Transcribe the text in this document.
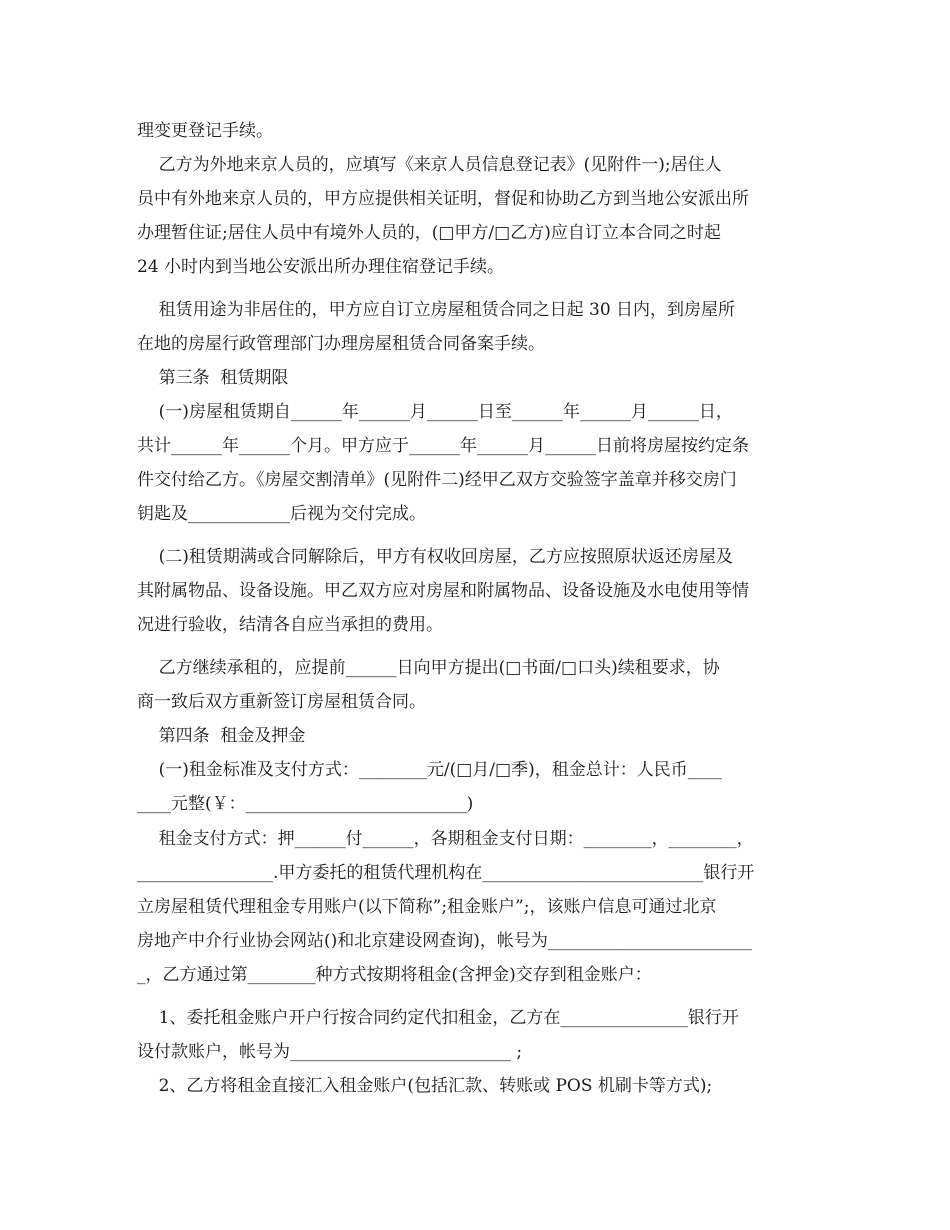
理变更登记手续。
乙方为外地来京人员的，应填写《来京人员信息登记表》(见附件一);居住人
员中有外地来京人员的，甲方应提供相关证明，督促和协助乙方到当地公安派出所
办理暂住证;居住人员中有境外人员的，(□甲方/□乙方)应自订立本合同之时起
24 小时内到当地公安派出所办理住宿登记手续。
租赁用途为非居住的，甲方应自订立房屋租赁合同之日起 30 日内，到房屋所
在地的房屋行政管理部门办理房屋租赁合同备案手续。
第三条  租赁期限
(一)房屋租赁期自______年______月______日至______年______月______日，
共计______年______个月。甲方应于______年______月______日前将房屋按约定条
件交付给乙方。《房屋交割清单》(见附件二)经甲乙双方交验签字盖章并移交房门
钥匙及____________后视为交付完成。
(二)租赁期满或合同解除后，甲方有权收回房屋，乙方应按照原状返还房屋及
其附属物品、设备设施。甲乙双方应对房屋和附属物品、设备设施及水电使用等情
况进行验收，结清各自应当承担的费用。
乙方继续承租的，应提前______日向甲方提出(□书面/□口头)续租要求，协
商一致后双方重新签订房屋租赁合同。
第四条  租金及押金
(一)租金标准及支付方式：________元/(□月/□季)，租金总计：人民币____
____元整(￥：__________________________)
租金支付方式：押______付______，各期租金支付日期：________，________，
________________.甲方委托的租赁代理机构在__________________________银行开
立房屋租赁代理租金专用账户(以下简称”;租金账户”;，该账户信息可通过北京
房地产中介行业协会网站()和北京建设网查询)，帐号为________________________
_，乙方通过第________种方式按期将租金(含押金)交存到租金账户：
1、委托租金账户开户行按合同约定代扣租金，乙方在_______________银行开
设付款账户，帐号为__________________________ ;
2、乙方将租金直接汇入租金账户(包括汇款、转账或 POS 机刷卡等方式);
